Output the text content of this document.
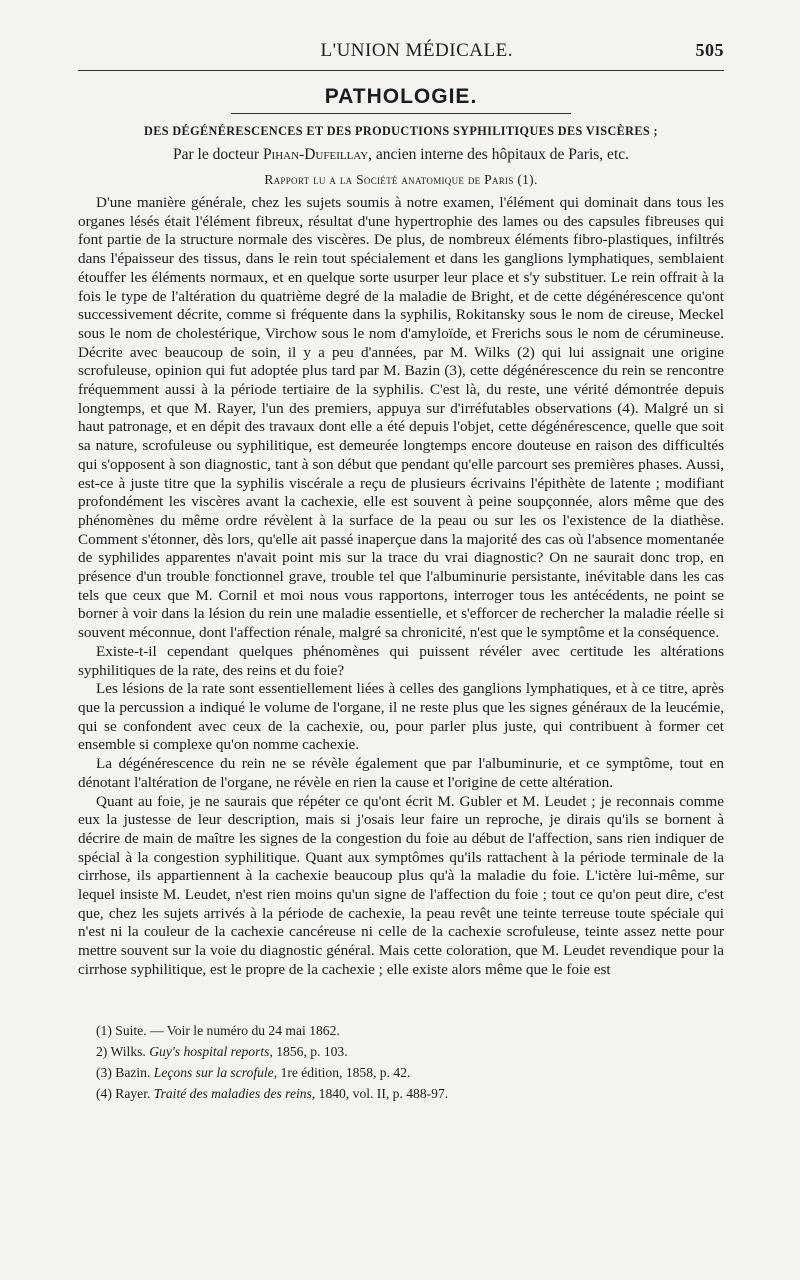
L'UNION MÉDICALE.	505
PATHOLOGIE.
DES DÉGÉNÉRESCENCES ET DES PRODUCTIONS SYPHILITIQUES DES VISCÈRES ;
Par le docteur Pihan-Dufeillay, ancien interne des hôpitaux de Paris, etc.
Rapport lu a la Société anatomique de Paris (1).

D'une manière générale, chez les sujets soumis à notre examen, l'élément qui dominait dans tous les organes lésés était l'élément fibreux, résultat d'une hypertrophie des lames ou des capsules fibreuses qui font partie de la structure normale des viscères. De plus, de nombreux éléments fibro-plastiques, infiltrés dans l'épaisseur des tissus, dans le rein tout spécialement et dans les ganglions lymphatiques, semblaient étouffer les éléments normaux, et en quelque sorte usurper leur place et s'y substituer. Le rein offrait à la fois le type de l'altération du quatrième degré de la maladie de Bright, et de cette dégénérescence qu'ont successivement décrite, comme si fréquente dans la syphilis, Rokitansky sous le nom de cireuse, Meckel sous le nom de cholestérique, Virchow sous le nom d'amyloïde, et Frerichs sous le nom de cérumineuse. Décrite avec beaucoup de soin, il y a peu d'années, par M. Wilks (2) qui lui assignait une origine scrofuleuse, opinion qui fut adoptée plus tard par M. Bazin (3), cette dégénérescence du rein se rencontre fréquemment aussi à la période tertiaire de la syphilis. C'est là, du reste, une vérité démontrée depuis longtemps, et que M. Rayer, l'un des premiers, appuya sur d'irréfutables observations (4). Malgré un si haut patronage, et en dépit des travaux dont elle a été depuis l'objet, cette dégénérescence, quelle que soit sa nature, scrofuleuse ou syphilitique, est demeurée longtemps encore douteuse en raison des difficultés qui s'opposent à son diagnostic, tant à son début que pendant qu'elle parcourt ses premières phases. Aussi, est-ce à juste titre que la syphilis viscérale a reçu de plusieurs écrivains l'épithète de latente ; modifiant profondément les viscères avant la cachexie, elle est souvent à peine soupçonnée, alors même que des phénomènes du même ordre révèlent à la surface de la peau ou sur les os l'existence de la diathèse. Comment s'étonner, dès lors, qu'elle ait passé inaperçue dans la majorité des cas où l'absence momentanée de syphilides apparentes n'avait point mis sur la trace du vrai diagnostic? On ne saurait donc trop, en présence d'un trouble fonctionnel grave, trouble tel que l'albuminurie persistante, inévitable dans les cas tels que ceux que M. Cornil et moi nous vous rapportons, interroger tous les antécédents, ne point se borner à voir dans la lésion du rein une maladie essentielle, et s'efforcer de rechercher la maladie réelle si souvent méconnue, dont l'affection rénale, malgré sa chronicité, n'est que le symptôme et la conséquence.

Existe-t-il cependant quelques phénomènes qui puissent révéler avec certitude les altérations syphilitiques de la rate, des reins et du foie?

Les lésions de la rate sont essentiellement liées à celles des ganglions lymphatiques, et à ce titre, après que la percussion a indiqué le volume de l'organe, il ne reste plus que les signes généraux de la leucémie, qui se confondent avec ceux de la cachexie, ou, pour parler plus juste, qui contribuent à former cet ensemble si complexe qu'on nomme cachexie.

La dégénérescence du rein ne se révèle également que par l'albuminurie, et ce symptôme, tout en dénotant l'altération de l'organe, ne révèle en rien la cause et l'origine de cette altération.

Quant au foie, je ne saurais que répéter ce qu'ont écrit M. Gubler et M. Leudet ; je reconnais comme eux la justesse de leur description, mais si j'osais leur faire un reproche, je dirais qu'ils se bornent à décrire de main de maître les signes de la congestion du foie au début de l'affection, sans rien indiquer de spécial à la congestion syphilitique. Quant aux symptômes qu'ils rattachent à la période terminale de la cirrhose, ils appartiennent à la cachexie beaucoup plus qu'à la maladie du foie. L'ictère lui-même, sur lequel insiste M. Leudet, n'est rien moins qu'un signe de l'affection du foie ; tout ce qu'on peut dire, c'est que, chez les sujets arrivés à la période de cachexie, la peau revêt une teinte terreuse toute spéciale qui n'est ni la couleur de la cachexie cancéreuse ni celle de la cachexie scrofuleuse, teinte assez nette pour mettre souvent sur la voie du diagnostic général. Mais cette coloration, que M. Leudet revendique pour la cirrhose syphilitique, est le propre de la cachexie ; elle existe alors même que le foie est

(1) Suite. — Voir le numéro du 24 mai 1862.
2) Wilks. Guy's hospital reports, 1856, p. 103.
(3) Bazin. Leçons sur la scrofule, 1re édition, 1858, p. 42.
(4) Rayer. Traité des maladies des reins, 1840, vol. II, p. 488-97.
